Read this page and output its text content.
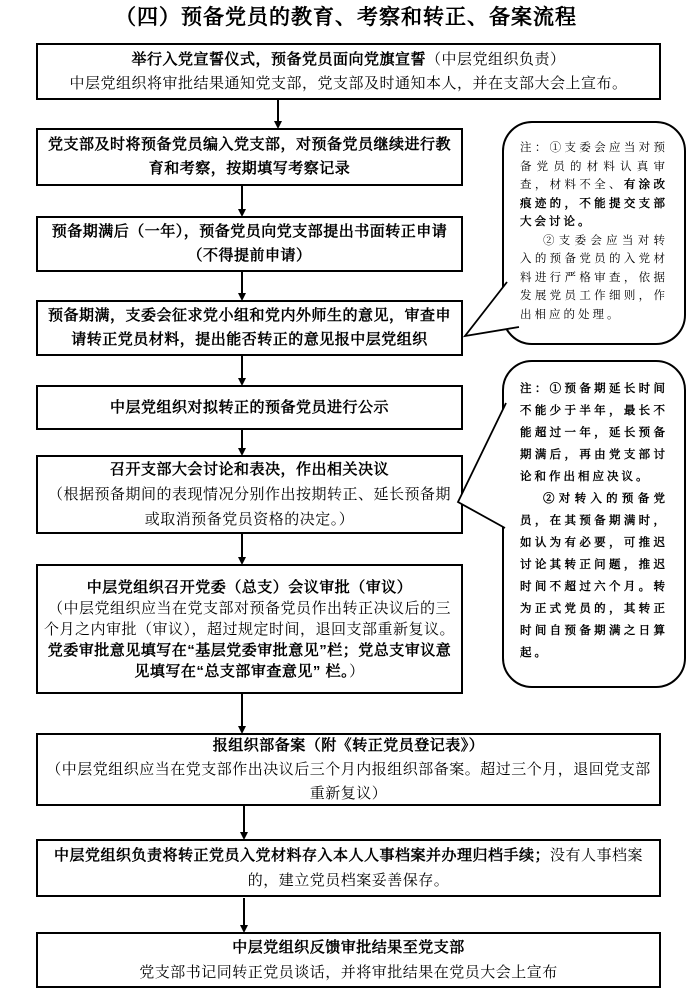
（四）预备党员的教育、考察和转正、备案流程
举行入党宣誓仪式，预备党员面向党旗宣誓（中层党组织负责）
中层党组织将审批结果通知党支部，党支部及时通知本人，并在支部大会上宣布。
党支部及时将预备党员编入党支部，对预备党员继续进行教育和考察，按期填写考察记录
预备期满后（一年），预备党员向党支部提出书面转正申请（不得提前申请）
预备期满，支委会征求党小组和党内外师生的意见，审查申请转正党员材料，提出能否转正的意见报中层党组织
中层党组织对拟转正的预备党员进行公示
召开支部大会讨论和表决，作出相关决议
（根据预备期间的表现情况分别作出按期转正、延长预备期或取消预备党员资格的决定。）
中层党组织召开党委（总支）会议审批（审议）
（中层党组织应当在党支部对预备党员作出转正决议后的三个月之内审批（审议），超过规定时间，退回支部重新复议。党委审批意见填写在“基层党委审批意见”栏；党总支审议意见填写在“总支部审查意见” 栏。）
报组织部备案（附《转正党员登记表》）
（中层党组织应当在党支部作出决议后三个月内报组织部备案。超过三个月，退回党支部重新复议）
中层党组织负责将转正党员入党材料存入本人人事档案并办理归档手续；没有人事档案的，建立党员档案妥善保存。
中层党组织反馈审批结果至党支部
党支部书记同转正党员谈话，并将审批结果在党员大会上宣布

注：①支委会应当对预备党员的材料认真审查，材料不全、有涂改痕迹的，不能提交支部大会讨论。

②支委会应当对转入的预备党员的入党材料进行严格审查，依据发展党员工作细则，作出相应的处理。

注：①预备期延长时间不能少于半年，最长不能超过一年，延长预备期满后，再由党支部讨论和作出相应决议。

②对转入的预备党员，在其预备期满时，如认为有必要，可推迟讨论其转正问题，推迟时间不超过六个月。转为正式党员的，其转正时间自预备期满之日算起。
